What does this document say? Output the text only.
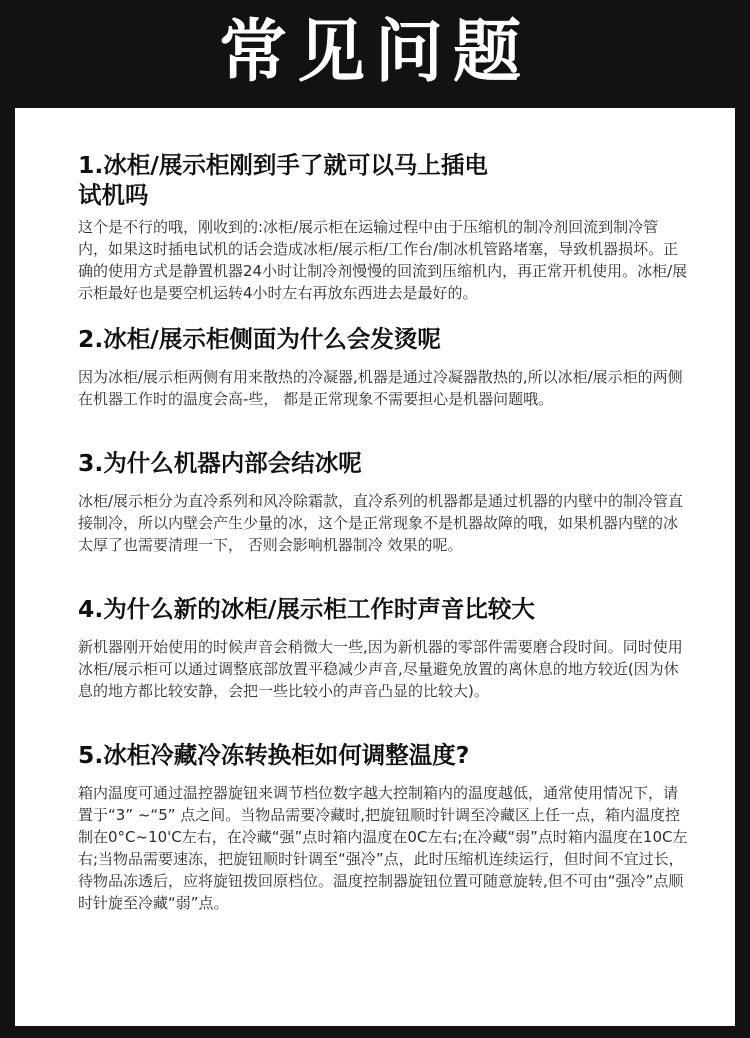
常见问题
1.冰柜/展示柜刚到手了就可以马上插电试机吗

这个是不行的哦，刚收到的:冰柜/展示柜在运输过程中由于压缩机的制冷剂回流到制冷管内，如果这时插电试机的话会造成冰柜/展示柜/工作台/制冰机管路堵塞，导致机器损坏。正确的使用方式是静置机器24小时让制冷剂慢慢的回流到压缩机内，再正常开机使用。冰柜/展示柜最好也是要空机运转4小时左右再放东西进去是最好的。

2.冰柜/展示柜侧面为什么会发烫呢

因为冰柜/展示柜两侧有用来散热的冷凝器,机器是通过冷凝器散热的,所以冰柜/展示柜的两侧在机器工作时的温度会高-些， 都是正常现象不需要担心是机器问题哦。

3.为什么机器内部会结冰呢

冰柜/展示柜分为直冷系列和风冷除霜款，直冷系列的机器都是通过机器的内壁中的制冷管直接制冷，所以内壁会产生少量的冰，这个是正常现象不是机器故障的哦，如果机器内壁的冰太厚了也需要清理一下， 否则会影响机器制冷 效果的呢。

4.为什么新的冰柜/展示柜工作时声音比较大

新机器刚开始使用的时候声音会稍微大一些,因为新机器的零部件需要磨合段时间。同时使用冰柜/展示柜可以通过调整底部放置平稳减少声音,尽量避免放置的离休息的地方较近(因为休息的地方都比较安静，会把一些比较小的声音凸显的比较大)。

5.冰柜冷藏冷冻转换柜如何调整温度?

箱内温度可通过温控器旋钮来调节档位数字越大控制箱内的温度越低，通常使用情况下，请置于“3” ~“5” 点之间。当物品需要冷藏时,把旋钮顺时针调至冷藏区上任一点，箱内温度控制在0°C~10'C左右，在冷藏“强”点时箱内温度在0C左右;在冷藏“弱”点时箱内温度在10C左右;当物品需要速冻，把旋钮顺时针调至“强冷”点，此时压缩机连续运行，但时间不宜过长，待物品冻透后，应将旋钮拨回原档位。温度控制器旋钮位置可随意旋转,但不可由“强冷”点顺时针旋至冷藏“弱”点。
